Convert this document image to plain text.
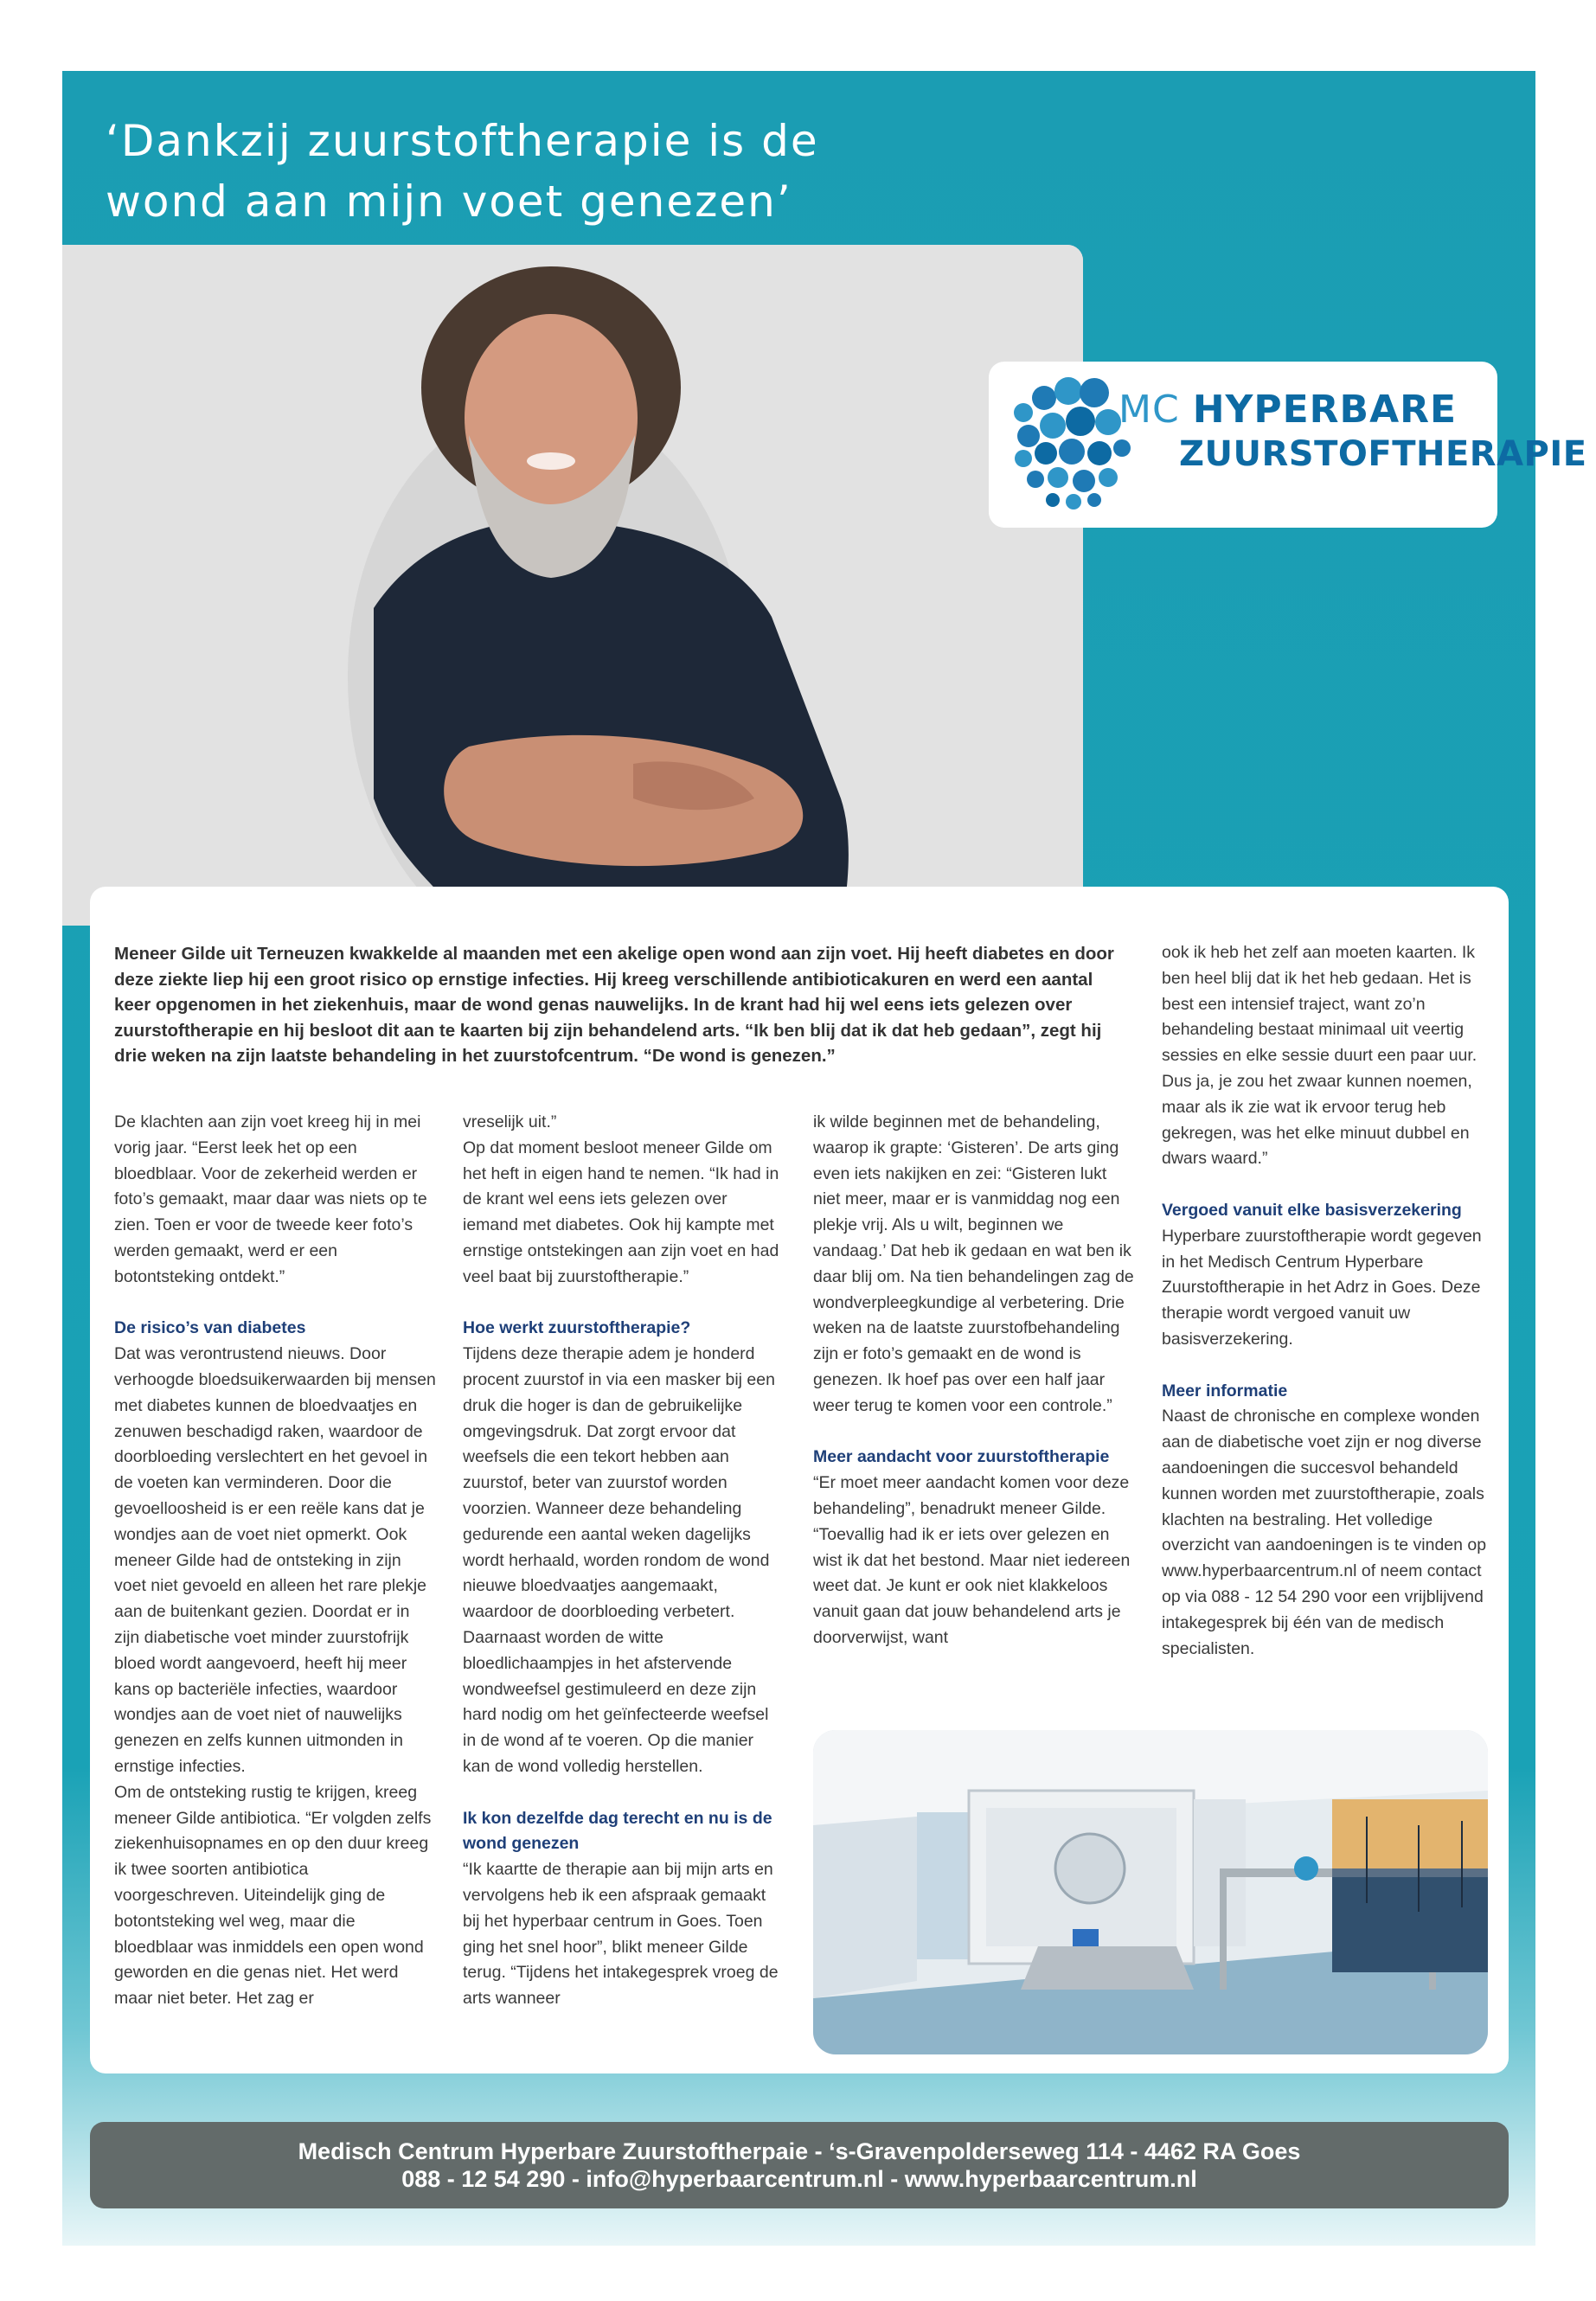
‘Dankzij zuurstoftherapie is de
wond aan mijn voet genezen’
MC HYPERBARE
ZUURSTOFTHERAPIE

Meneer Gilde uit Terneuzen kwakkelde al maanden met een akelige open wond aan zijn voet. Hij heeft diabetes en door deze ziekte liep hij een groot risico op ernstige infecties. Hij kreeg verschillende antibioticakuren en werd een aantal keer opgenomen in het ziekenhuis, maar de wond genas nauwelijks. In de krant had hij wel eens iets gelezen over zuurstoftherapie en hij besloot dit aan te kaarten bij zijn behandelend arts. “Ik ben blij dat ik dat heb gedaan”, zegt hij drie weken na zijn laatste behandeling in het zuurstofcentrum. “De wond is genezen.”

De klachten aan zijn voet kreeg hij in mei vorig jaar. “Eerst leek het op een bloedblaar. Voor de zekerheid werden er foto’s gemaakt, maar daar was niets op te zien. Toen er voor de tweede keer foto’s werden gemaakt, werd er een botontsteking ontdekt.”

De risico’s van diabetes

Dat was verontrustend nieuws. Door verhoogde bloedsuikerwaarden bij mensen met diabetes kunnen de bloedvaatjes en zenuwen beschadigd raken, waardoor de doorbloeding verslechtert en het gevoel in de voeten kan verminderen. Door die gevoelloosheid is er een reële kans dat je wondjes aan de voet niet opmerkt. Ook meneer Gilde had de ontsteking in zijn voet niet gevoeld en alleen het rare plekje aan de buitenkant gezien. Doordat er in zijn diabetische voet minder zuurstofrijk bloed wordt aangevoerd, heeft hij meer kans op bacteriële infecties, waardoor wondjes aan de voet niet of nauwelijks genezen en zelfs kunnen uitmonden in ernstige infecties.

Om de ontsteking rustig te krijgen, kreeg meneer Gilde antibiotica. “Er volgden zelfs ziekenhuisopnames en op den duur kreeg ik twee soorten antibiotica voorgeschreven. Uiteindelijk ging de botontsteking wel weg, maar die bloedblaar was inmiddels een open wond geworden en die genas niet. Het werd maar niet beter. Het zag er

vreselijk uit.”

Op dat moment besloot meneer Gilde om het heft in eigen hand te nemen. “Ik had in de krant wel eens iets gelezen over iemand met diabetes. Ook hij kampte met ernstige ontstekingen aan zijn voet en had veel baat bij zuurstoftherapie.”

Hoe werkt zuurstoftherapie?

Tijdens deze therapie adem je honderd procent zuurstof in via een masker bij een druk die hoger is dan de gebruikelijke omgevingsdruk. Dat zorgt ervoor dat weefsels die een tekort hebben aan zuurstof, beter van zuurstof worden voorzien. Wanneer deze behandeling gedurende een aantal weken dagelijks wordt herhaald, worden rondom de wond nieuwe bloedvaatjes aangemaakt, waardoor de doorbloeding verbetert. Daarnaast worden de witte bloedlichaampjes in het afstervende wondweefsel gestimuleerd en deze zijn hard nodig om het geïnfecteerde weefsel in de wond af te voeren. Op die manier kan de wond volledig herstellen.

Ik kon dezelfde dag terecht en nu is de wond genezen

“Ik kaartte de therapie aan bij mijn arts en vervolgens heb ik een afspraak gemaakt bij het hyperbaar centrum in Goes. Toen ging het snel hoor”, blikt meneer Gilde terug. “Tijdens het intakegesprek vroeg de arts wanneer

ik wilde beginnen met de behandeling, waarop ik grapte: ‘Gisteren’. De arts ging even iets nakijken en zei: “Gisteren lukt niet meer, maar er is vanmiddag nog een plekje vrij. Als u wilt, beginnen we vandaag.’ Dat heb ik gedaan en wat ben ik daar blij om. Na tien behandelingen zag de wondverpleegkundige al verbetering. Drie weken na de laatste zuurstofbehandeling zijn er foto’s gemaakt en de wond is genezen. Ik hoef pas over een half jaar weer terug te komen voor een controle.”

Meer aandacht voor zuurstoftherapie

“Er moet meer aandacht komen voor deze behandeling”, benadrukt meneer Gilde. “Toevallig had ik er iets over gelezen en wist ik dat het bestond. Maar niet iedereen weet dat. Je kunt er ook niet klakkeloos vanuit gaan dat jouw behandelend arts je doorverwijst, want

ook ik heb het zelf aan moeten kaarten. Ik ben heel blij dat ik het heb gedaan. Het is best een intensief traject, want zo’n behandeling bestaat minimaal uit veertig sessies en elke sessie duurt een paar uur. Dus ja, je zou het zwaar kunnen noemen, maar als ik zie wat ik ervoor terug heb gekregen, was het elke minuut dubbel en dwars waard.”

Vergoed vanuit elke basisverzekering

Hyperbare zuurstoftherapie wordt gegeven in het Medisch Centrum Hyperbare Zuurstoftherapie in het Adrz in Goes. Deze therapie wordt vergoed vanuit uw basisverzekering.

Meer informatie

Naast de chronische en complexe wonden aan de diabetische voet zijn er nog diverse aandoeningen die succesvol behandeld kunnen worden met zuurstoftherapie, zoals klachten na bestraling. Het volledige overzicht van aandoeningen is te vinden op www.hyperbaarcentrum.nl of neem contact op via 088 - 12 54 290 voor een vrijblijvend intakegesprek bij één van de medisch specialisten.

Medisch Centrum Hyperbare Zuurstoftherpaie - ‘s-Gravenpolderseweg 114 - 4462 RA Goes
088 - 12 54 290 - info@hyperbaarcentrum.nl - www.hyperbaarcentrum.nl
